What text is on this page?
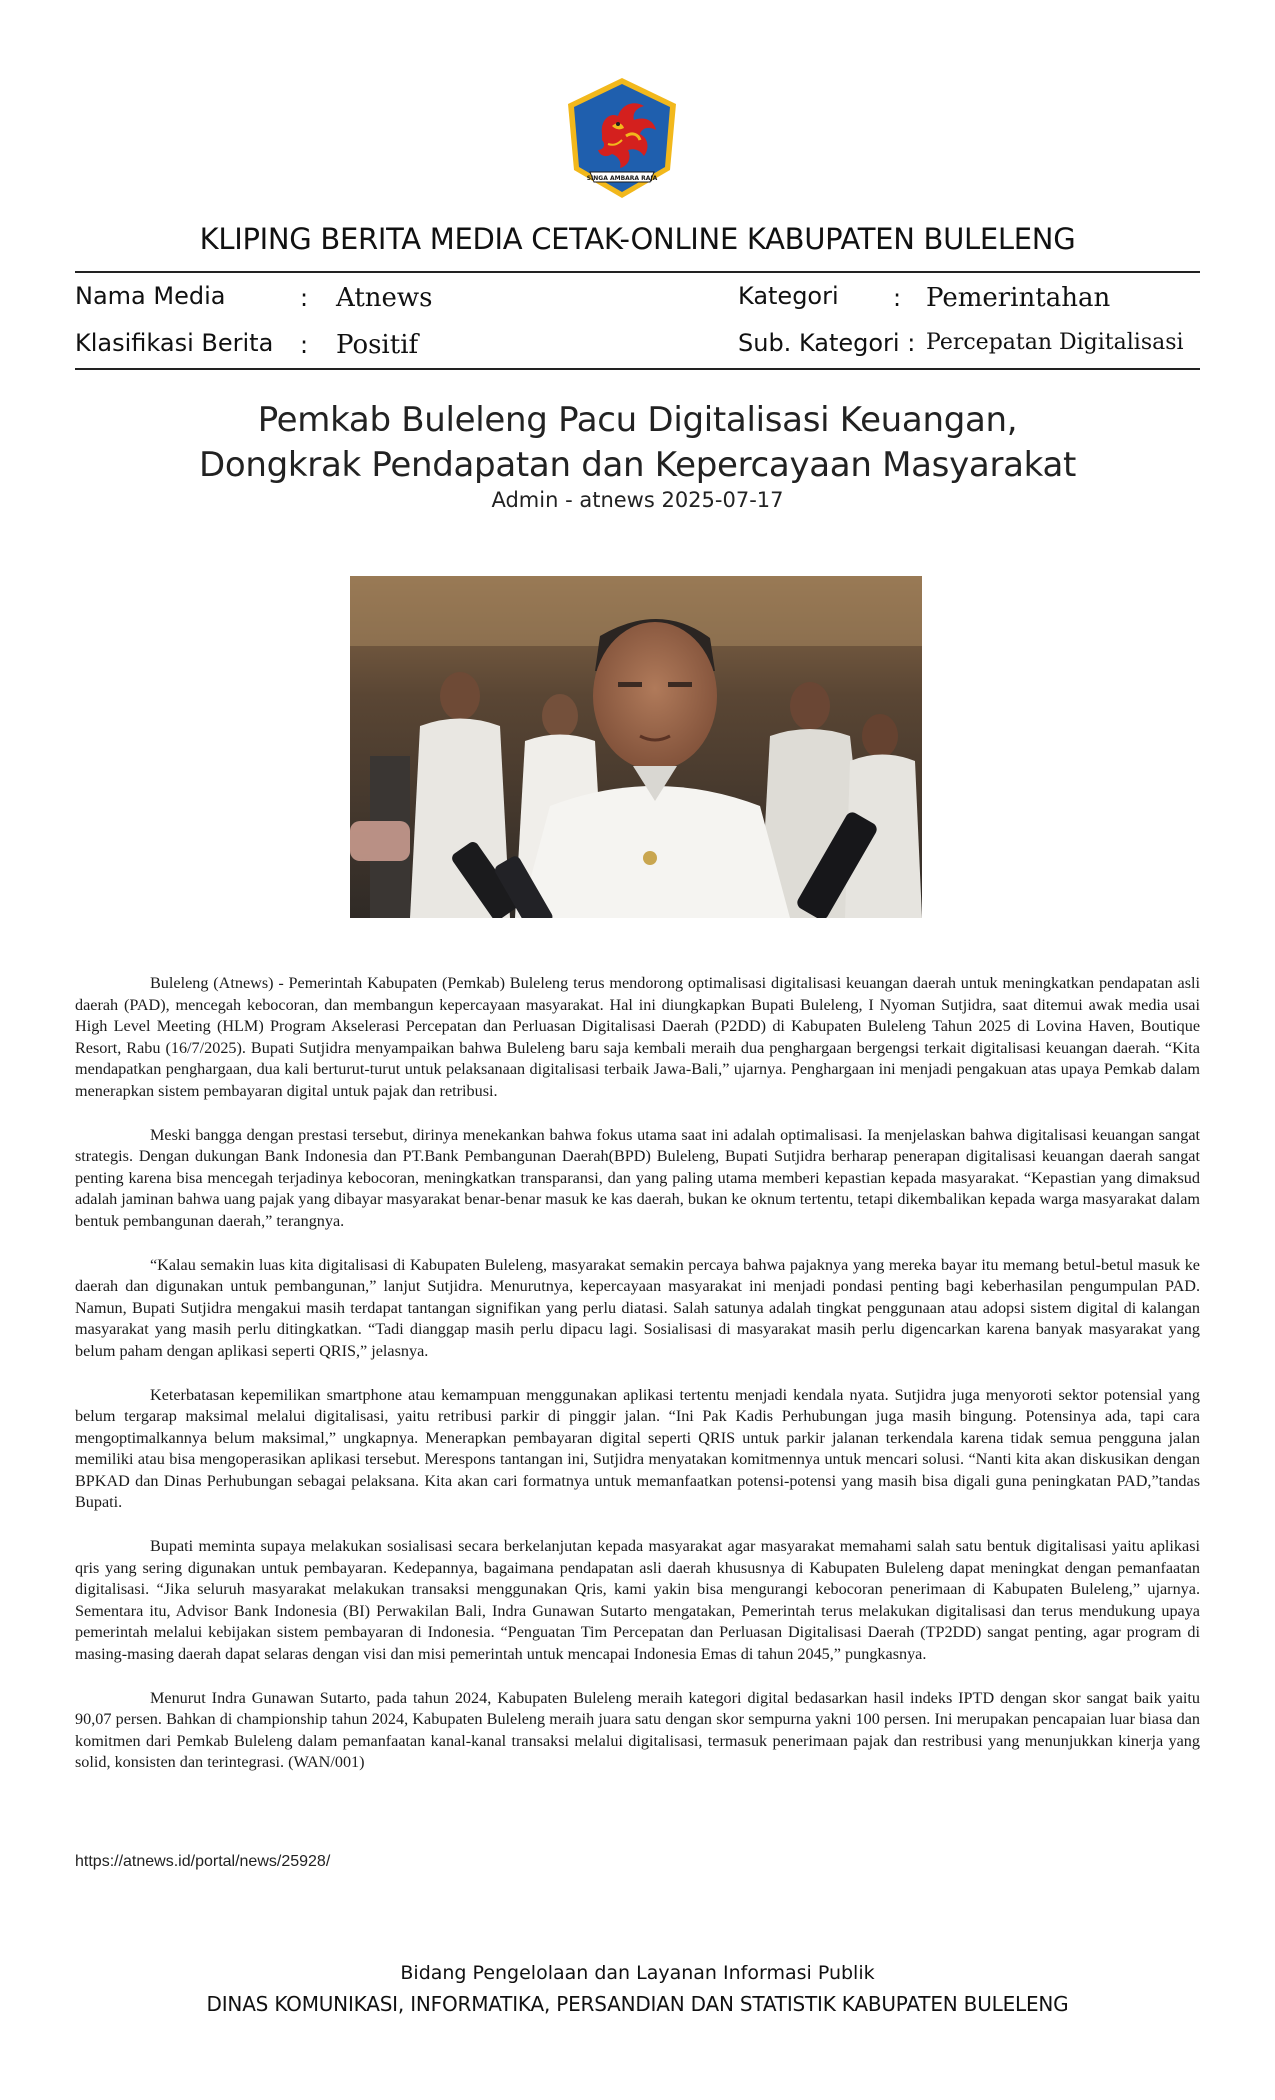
SINGA AMBARA RAJA
KLIPING BERITA MEDIA CETAK-ONLINE KABUPATEN BULELENG
Nama Media	: Atnews	Kategori : Pemerintahan
Klasifikasi Berita : Positif	Sub. Kategori : Percepatan Digitalisasi
Pemkab Buleleng Pacu Digitalisasi Keuangan,
Dongkrak Pendapatan dan Kepercayaan Masyarakat
Admin - atnews 2025-07-17

Buleleng (Atnews) - Pemerintah Kabupaten (Pemkab) Buleleng terus mendorong optimalisasi digitalisasi keuangan daerah untuk meningkatkan pendapatan asli daerah (PAD), mencegah kebocoran, dan membangun kepercayaan masyarakat. Hal ini diungkapkan Bupati Buleleng, I Nyoman Sutjidra, saat ditemui awak media usai High Level Meeting (HLM) Program Akselerasi Percepatan dan Perluasan Digitalisasi Daerah (P2DD) di Kabupaten Buleleng Tahun 2025 di Lovina Haven, Boutique Resort, Rabu (16/7/2025). Bupati Sutjidra menyampaikan bahwa Buleleng baru saja kembali meraih dua penghargaan bergengsi terkait digitalisasi keuangan daerah. “Kita mendapatkan penghargaan, dua kali berturut-turut untuk pelaksanaan digitalisasi terbaik Jawa-Bali,” ujarnya. Penghargaan ini menjadi pengakuan atas upaya Pemkab dalam menerapkan sistem pembayaran digital untuk pajak dan retribusi.

Meski bangga dengan prestasi tersebut, dirinya menekankan bahwa fokus utama saat ini adalah optimalisasi. Ia menjelaskan bahwa digitalisasi keuangan sangat strategis. Dengan dukungan Bank Indonesia dan PT.Bank Pembangunan Daerah(BPD) Buleleng, Bupati Sutjidra berharap penerapan digitalisasi keuangan daerah sangat penting karena bisa mencegah terjadinya kebocoran, meningkatkan transparansi, dan yang paling utama memberi kepastian kepada masyarakat. “Kepastian yang dimaksud adalah jaminan bahwa uang pajak yang dibayar masyarakat benar-benar masuk ke kas daerah, bukan ke oknum tertentu, tetapi dikembalikan kepada warga masyarakat dalam bentuk pembangunan daerah,” terangnya.

“Kalau semakin luas kita digitalisasi di Kabupaten Buleleng, masyarakat semakin percaya bahwa pajaknya yang mereka bayar itu memang betul-betul masuk ke daerah dan digunakan untuk pembangunan,” lanjut Sutjidra. Menurutnya, kepercayaan masyarakat ini menjadi pondasi penting bagi keberhasilan pengumpulan PAD. Namun, Bupati Sutjidra mengakui masih terdapat tantangan signifikan yang perlu diatasi. Salah satunya adalah tingkat penggunaan atau adopsi sistem digital di kalangan masyarakat yang masih perlu ditingkatkan. “Tadi dianggap masih perlu dipacu lagi. Sosialisasi di masyarakat masih perlu digencarkan karena banyak masyarakat yang belum paham dengan aplikasi seperti QRIS,” jelasnya.

Keterbatasan kepemilikan smartphone atau kemampuan menggunakan aplikasi tertentu menjadi kendala nyata. Sutjidra juga menyoroti sektor potensial yang belum tergarap maksimal melalui digitalisasi, yaitu retribusi parkir di pinggir jalan. “Ini Pak Kadis Perhubungan juga masih bingung. Potensinya ada, tapi cara mengoptimalkannya belum maksimal,” ungkapnya. Menerapkan pembayaran digital seperti QRIS untuk parkir jalanan terkendala karena tidak semua pengguna jalan memiliki atau bisa mengoperasikan aplikasi tersebut. Merespons tantangan ini, Sutjidra menyatakan komitmennya untuk mencari solusi. “Nanti kita akan diskusikan dengan BPKAD dan Dinas Perhubungan sebagai pelaksana. Kita akan cari formatnya untuk memanfaatkan potensi-potensi yang masih bisa digali guna peningkatan PAD,”tandas Bupati.

Bupati meminta supaya melakukan sosialisasi secara berkelanjutan kepada masyarakat agar masyarakat memahami salah satu bentuk digitalisasi yaitu aplikasi qris yang sering digunakan untuk pembayaran. Kedepannya, bagaimana pendapatan asli daerah khususnya di Kabupaten Buleleng dapat meningkat dengan pemanfaatan digitalisasi. “Jika seluruh masyarakat melakukan transaksi menggunakan Qris, kami yakin bisa mengurangi kebocoran penerimaan di Kabupaten Buleleng,” ujarnya. Sementara itu, Advisor Bank Indonesia (BI) Perwakilan Bali, Indra Gunawan Sutarto mengatakan, Pemerintah terus melakukan digitalisasi dan terus mendukung upaya pemerintah melalui kebijakan sistem pembayaran di Indonesia. “Penguatan Tim Percepatan dan Perluasan Digitalisasi Daerah (TP2DD) sangat penting, agar program di masing-masing daerah dapat selaras dengan visi dan misi pemerintah untuk mencapai Indonesia Emas di tahun 2045,” pungkasnya.

Menurut Indra Gunawan Sutarto, pada tahun 2024, Kabupaten Buleleng meraih kategori digital bedasarkan hasil indeks IPTD dengan skor sangat baik yaitu 90,07 persen. Bahkan di championship tahun 2024, Kabupaten Buleleng meraih juara satu dengan skor sempurna yakni 100 persen. Ini merupakan pencapaian luar biasa dan komitmen dari Pemkab Buleleng dalam pemanfaatan kanal-kanal transaksi melalui digitalisasi, termasuk penerimaan pajak dan restribusi yang menunjukkan kinerja yang solid, konsisten dan terintegrasi. (WAN/001)

https://atnews.id/portal/news/25928/
Bidang Pengelolaan dan Layanan Informasi Publik
DINAS KOMUNIKASI, INFORMATIKA, PERSANDIAN DAN STATISTIK KABUPATEN BULELENG
